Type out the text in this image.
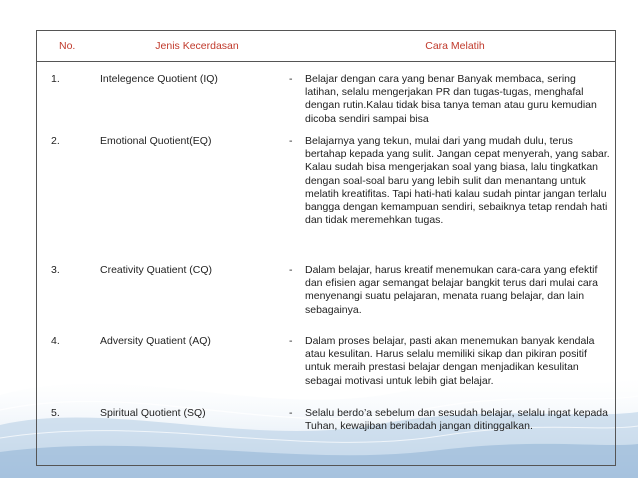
No.	Jenis Kecerdasan	Cara Melatih
1.	Intelegence Quotient (IQ)	- Belajar dengan cara yang benar Banyak membaca, sering latihan, selalu mengerjakan PR dan tugas-tugas, menghafal dengan rutin.Kalau tidak bisa tanya teman atau guru kemudian dicoba sendiri sampai bisa
2.	Emotional Quotient(EQ)	- Belajarnya yang tekun, mulai dari yang mudah dulu, terus bertahap kepada yang sulit. Jangan cepat menyerah, yang sabar. Kalau sudah bisa mengerjakan soal yang biasa, lalu tingkatkan dengan soal-soal baru yang lebih sulit dan menantang untuk melatih kreatifitas. Tapi hati-hati kalau sudah pintar jangan terlalu bangga dengan kemampuan sendiri, sebaiknya tetap rendah hati dan tidak meremehkan tugas.
3.	Creativity Quatient (CQ)	- Dalam belajar, harus kreatif menemukan cara-cara yang efektif dan efisien agar semangat belajar bangkit terus dari mulai cara menyenangi suatu pelajaran, menata ruang belajar, dan lain sebagainya.
4.	Adversity Quatient (AQ)	- Dalam proses belajar, pasti akan menemukan banyak kendala atau kesulitan. Harus selalu memiliki sikap dan pikiran positif untuk meraih prestasi belajar dengan menjadikan kesulitan sebagai motivasi untuk lebih giat belajar.
5.	Spiritual Quotient (SQ)	- Selalu berdo’a sebelum dan sesudah belajar, selalu ingat kepada Tuhan, kewajiban beribadah jangan ditinggalkan.
